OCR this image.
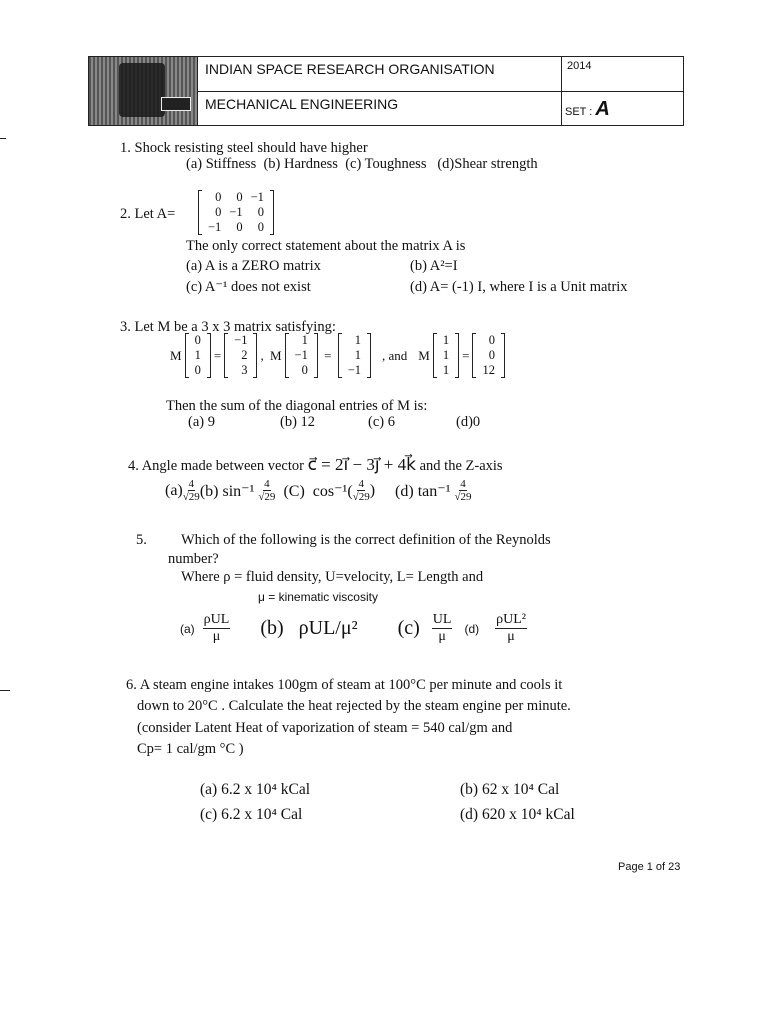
INDIAN SPACE RESEARCH ORGANISATION	2014
MECHANICAL ENGINEERING	SET : A
1. Shock resisting steel should have higher
(a) Stiffness  (b) Hardness  (c) Toughness   (d)Shear strength
2. Let A=
0	0	−1
0	−1	0
−1	0	0
The only correct statement about the matrix A is
(a) A is a ZERO matrix	(b) A²=I
(c) A⁻¹ does not exist	(d) A= (-1) I, where I is a Unit matrix
3. Let M be a 3 x 3 matrix satisfying:
M
0
1
0
=
−1
2
3
, M
1
−1
0
=
1
1
−1
, and M
1
1
1
=
0
0
12
Then the sum of the diagonal entries of M is:
(a) 9	(b) 12	(c) 6	(d)0
4. Angle made between vector c⃗ = 2i⃗ − 3j⃗ + 4k⃗ and the Z-axis
$(a) \frac{4}{√29} (b)$ sin⁻¹
$\frac{4}{√29}$
(C)  $\cos^{-1}( \frac{4}{√29}$ )
(d) tan⁻¹
$\frac{4}{√29}$
5. Which of the following is the correct definition of the Reynolds
number?
Where ρ = fluid density, U=velocity, L= Length and
μ = kinematic viscosity
(a)
$\frac{\text{ρUL}}{\mu} (b)$   ρUL/μ² (c)
$\frac{UL}{\mu}$
(d)
$\frac{\text{ρUL²}}{\mu}$
6. A steam engine intakes 100gm of steam at 100°C per minute and cools it
down to 20°C . Calculate the heat rejected by the steam engine per minute.
(consider Latent Heat of vaporization of steam = 540 cal/gm and
Cp= 1 cal/gm °C )
(a) 6.2 x 10⁴ kCal	(b) 62 x 10⁴ Cal
(c) 6.2 x 10⁴ Cal	(d) 620 x 10⁴ kCal
Page 1 of 23
